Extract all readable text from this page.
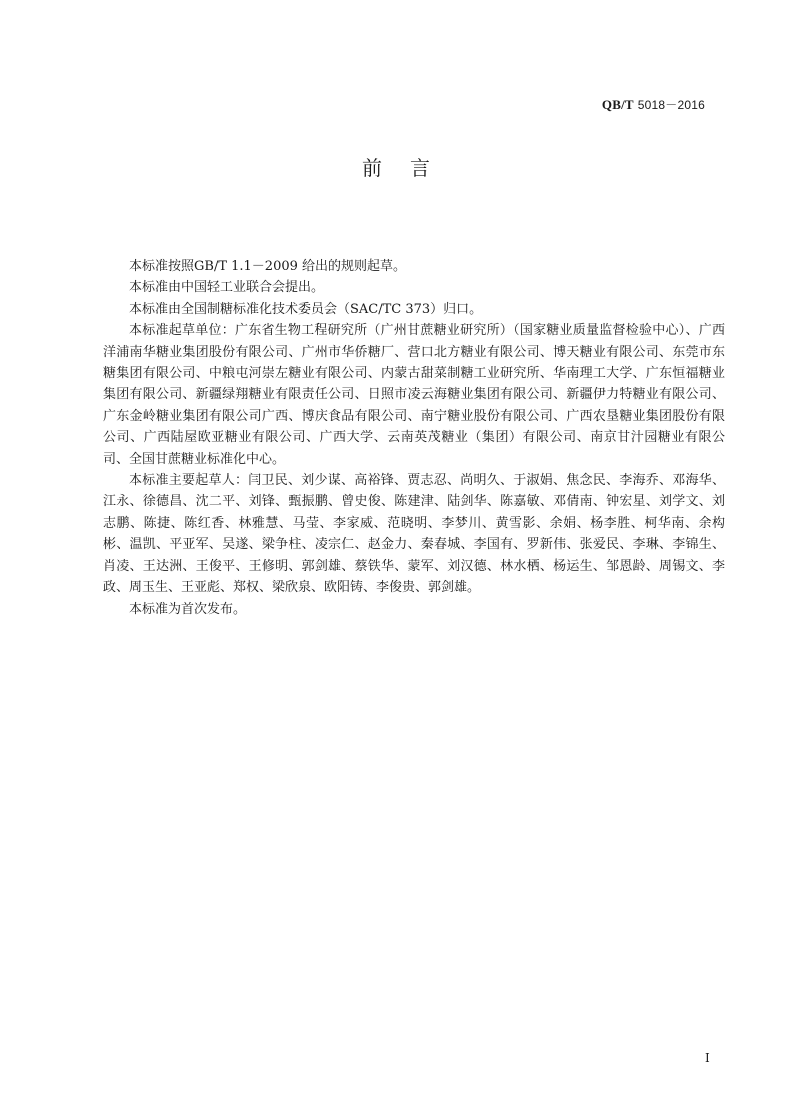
QB/T 5018－2016
前言

本标准按照GB/T 1.1－2009 给出的规则起草。

本标准由中国轻工业联合会提出。

本标准由全国制糖标准化技术委员会（SAC/TC 373）归口。

本标准起草单位：广东省生物工程研究所（广州甘蔗糖业研究所）（国家糖业质量监督检验中心）、广西洋浦南华糖业集团股份有限公司、广州市华侨糖厂、营口北方糖业有限公司、博天糖业有限公司、东莞市东糖集团有限公司、中粮屯河崇左糖业有限公司、内蒙古甜菜制糖工业研究所、华南理工大学、广东恒福糖业集团有限公司、新疆绿翔糖业有限责任公司、日照市凌云海糖业集团有限公司、新疆伊力特糖业有限公司、广东金岭糖业集团有限公司广西、博庆食品有限公司、南宁糖业股份有限公司、广西农垦糖业集团股份有限公司、广西陆屋欧亚糖业有限公司、广西大学、云南英茂糖业（集团）有限公司、南京甘汁园糖业有限公司、全国甘蔗糖业标准化中心。

本标准主要起草人：闫卫民、刘少谋、高裕锋、贾志忍、尚明久、于淑娟、焦念民、李海乔、邓海华、江永、徐德昌、沈二平、刘锋、甄振鹏、曾史俊、陈建津、陆剑华、陈嘉敏、邓倩南、钟宏星、刘学文、刘志鹏、陈捷、陈红香、林雅慧、马莹、李家威、范晓明、李梦川、黄雪影、余娟、杨李胜、柯华南、余构彬、温凯、平亚军、吴遂、梁争柱、凌宗仁、赵金力、秦春城、李国有、罗新伟、张爱民、李琳、李锦生、肖凌、王达洲、王俊平、王修明、郭剑雄、蔡铁华、蒙军、刘汉德、林水栖、杨运生、邹恩龄、周锡文、李政、周玉生、王亚彪、郑权、梁欣泉、欧阳铸、李俊贵、郭剑雄。

本标准为首次发布。

I
